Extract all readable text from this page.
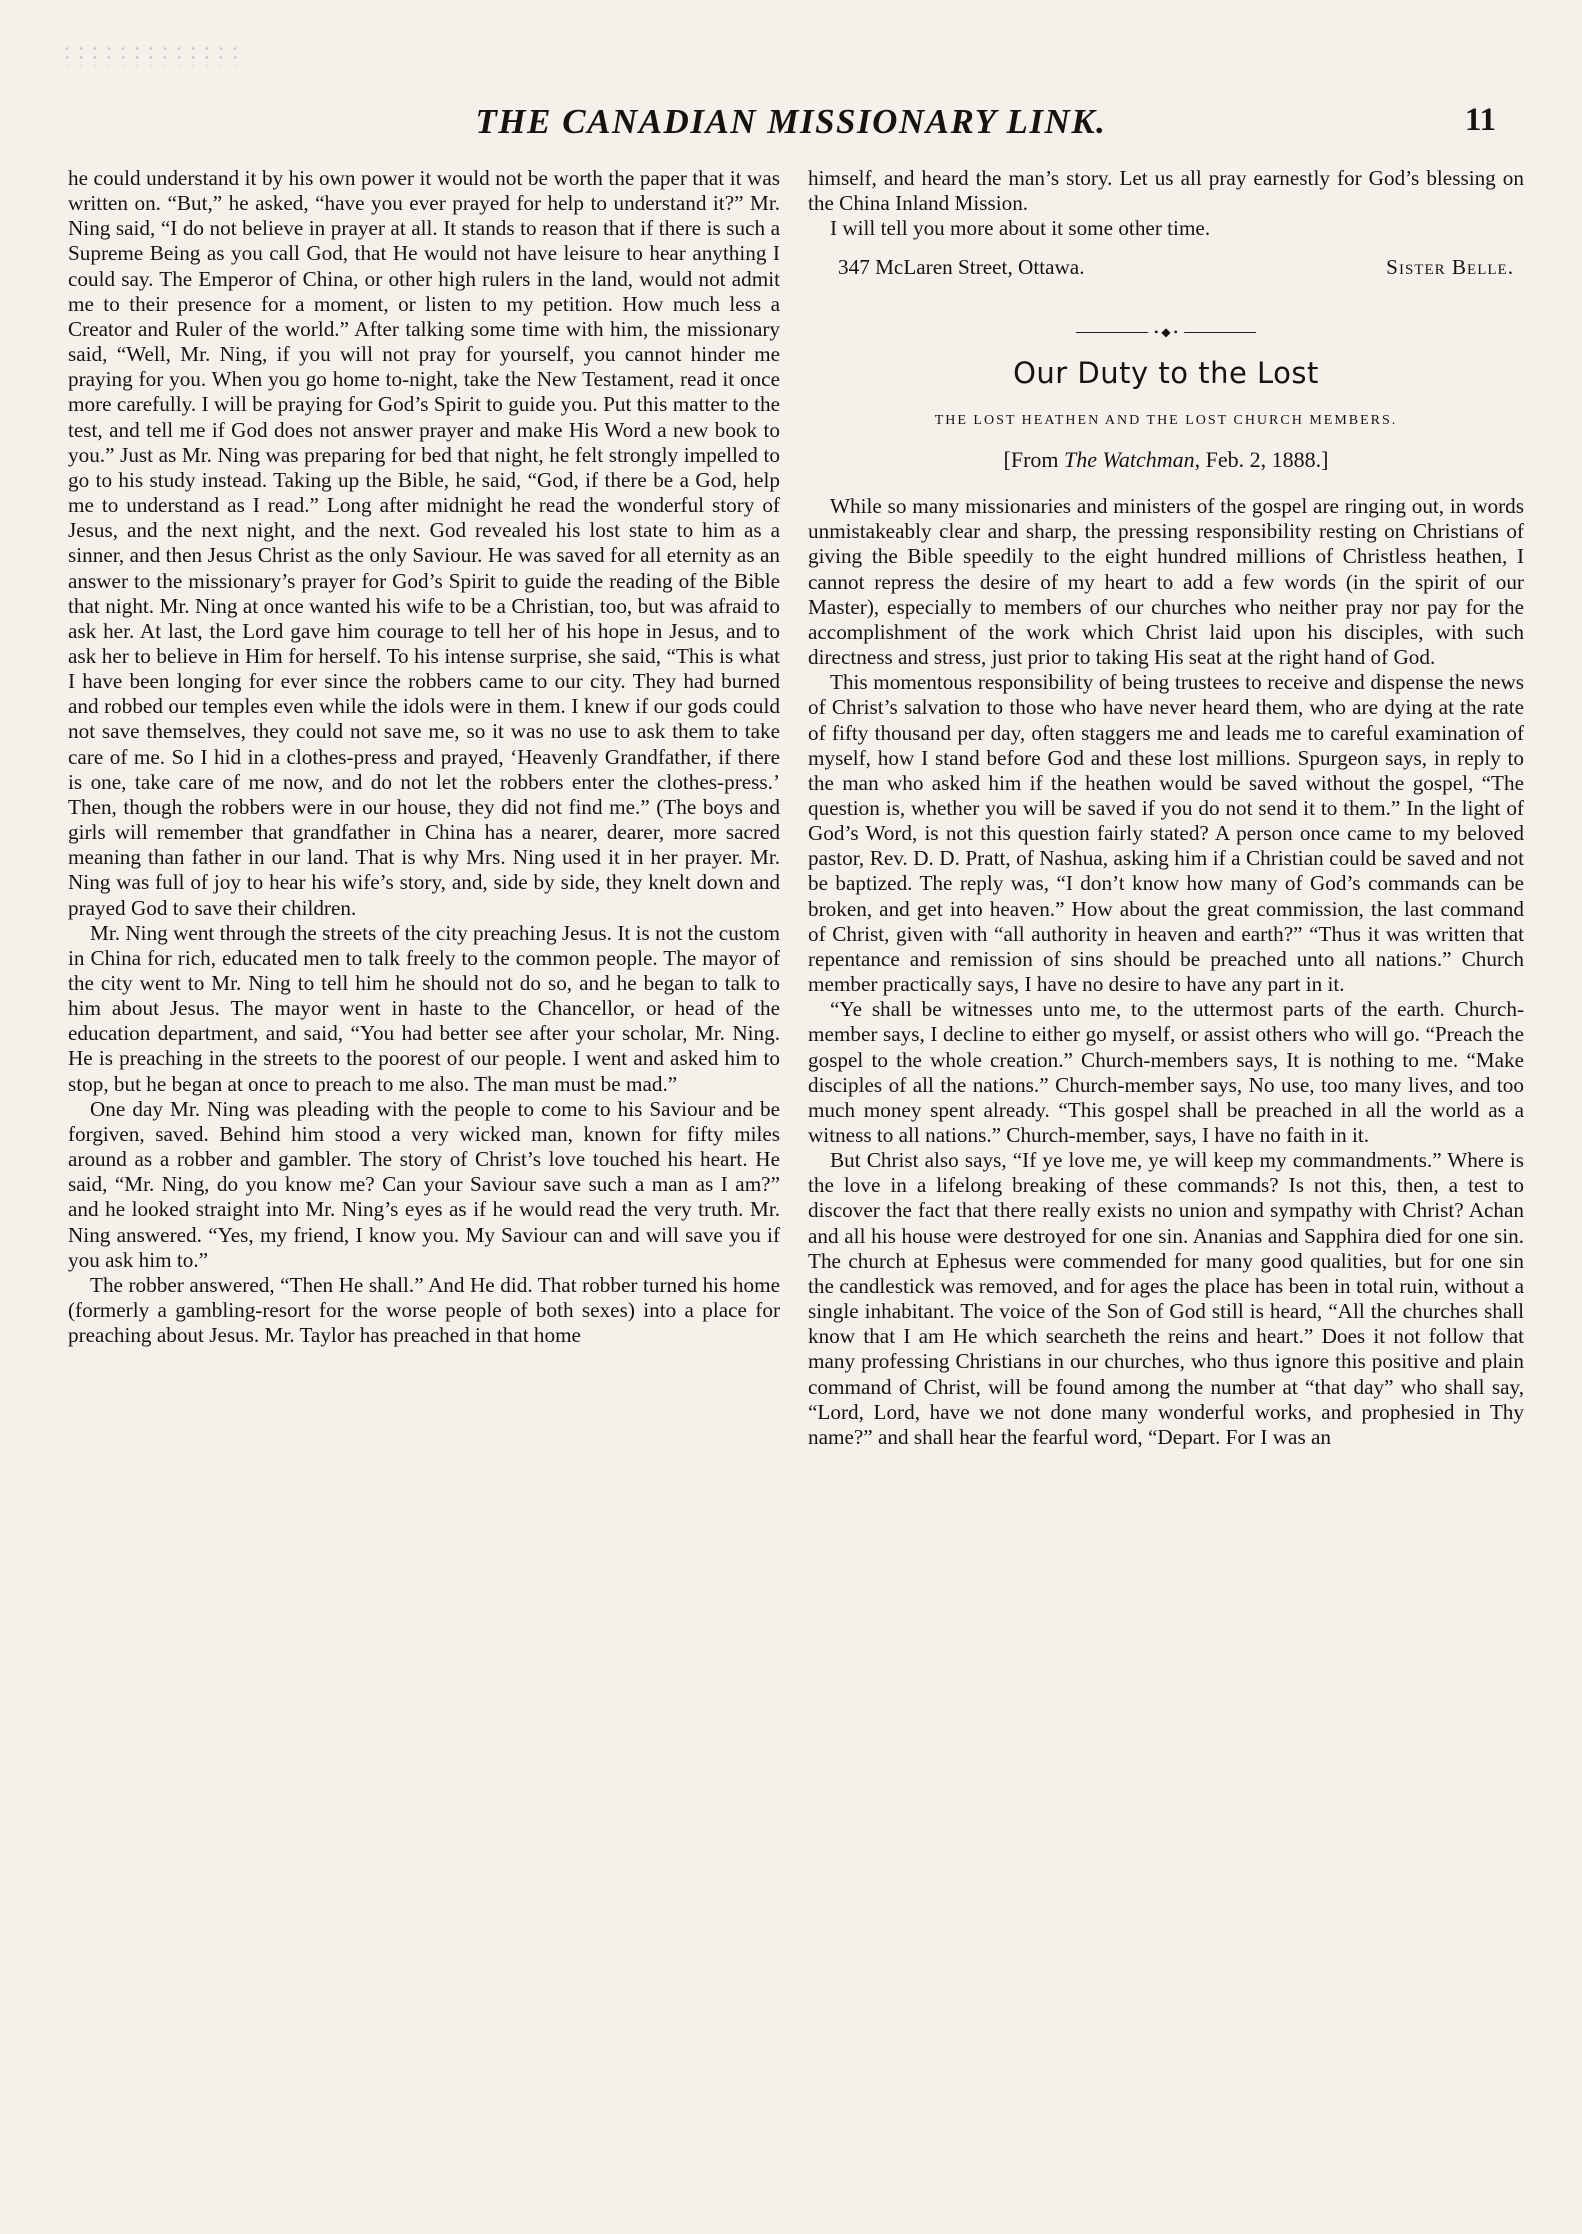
THE CANADIAN MISSIONARY LINK.	11

he could understand it by his own power it would not be worth the paper that it was written on. “But,” he asked, “have you ever prayed for help to understand it?” Mr. Ning said, “I do not believe in prayer at all. It stands to reason that if there is such a Supreme Being as you call God, that He would not have leisure to hear anything I could say. The Emperor of China, or other high rulers in the land, would not admit me to their presence for a moment, or listen to my petition. How much less a Creator and Ruler of the world.” After talking some time with him, the missionary said, “Well, Mr. Ning, if you will not pray for yourself, you cannot hinder me praying for you. When you go home to-night, take the New Testament, read it once more carefully. I will be praying for God’s Spirit to guide you. Put this matter to the test, and tell me if God does not answer prayer and make His Word a new book to you.” Just as Mr. Ning was preparing for bed that night, he felt strongly impelled to go to his study instead. Taking up the Bible, he said, “God, if there be a God, help me to understand as I read.” Long after midnight he read the wonderful story of Jesus, and the next night, and the next. God revealed his lost state to him as a sinner, and then Jesus Christ as the only Saviour. He was saved for all eternity as an answer to the missionary’s prayer for God’s Spirit to guide the reading of the Bible that night. Mr. Ning at once wanted his wife to be a Christian, too, but was afraid to ask her. At last, the Lord gave him courage to tell her of his hope in Jesus, and to ask her to believe in Him for herself. To his intense surprise, she said, “This is what I have been longing for ever since the robbers came to our city. They had burned and robbed our temples even while the idols were in them. I knew if our gods could not save themselves, they could not save me, so it was no use to ask them to take care of me. So I hid in a clothes-press and prayed, ‘Heavenly Grandfather, if there is one, take care of me now, and do not let the robbers enter the clothes-press.’ Then, though the robbers were in our house, they did not find me.” (The boys and girls will remember that grandfather in China has a nearer, dearer, more sacred meaning than father in our land. That is why Mrs. Ning used it in her prayer. Mr. Ning was full of joy to hear his wife’s story, and, side by side, they knelt down and prayed God to save their children.

Mr. Ning went through the streets of the city preaching Jesus. It is not the custom in China for rich, educated men to talk freely to the common people. The mayor of the city went to Mr. Ning to tell him he should not do so, and he began to talk to him about Jesus. The mayor went in haste to the Chancellor, or head of the education department, and said, “You had better see after your scholar, Mr. Ning. He is preaching in the streets to the poorest of our people. I went and asked him to stop, but he began at once to preach to me also. The man must be mad.”

One day Mr. Ning was pleading with the people to come to his Saviour and be forgiven, saved. Behind him stood a very wicked man, known for fifty miles around as a robber and gambler. The story of Christ’s love touched his heart. He said, “Mr. Ning, do you know me? Can your Saviour save such a man as I am?” and he looked straight into Mr. Ning’s eyes as if he would read the very truth. Mr. Ning answered. “Yes, my friend, I know you. My Saviour can and will save you if you ask him to.”

The robber answered, “Then He shall.” And He did. That robber turned his home (formerly a gambling-resort for the worse people of both sexes) into a place for preaching about Jesus. Mr. Taylor has preached in that home

himself, and heard the man’s story. Let us all pray earnestly for God’s blessing on the China Inland Mission.

I will tell you more about it some other time.

347 McLaren Street, Ottawa.	Sister Belle.
• ◆ •
Our Duty to the Lost
THE LOST HEATHEN AND THE LOST CHURCH MEMBERS.
[From The Watchman, Feb. 2, 1888.]

While so many missionaries and ministers of the gospel are ringing out, in words unmistakeably clear and sharp, the pressing responsibility resting on Christians of giving the Bible speedily to the eight hundred millions of Christless heathen, I cannot repress the desire of my heart to add a few words (in the spirit of our Master), especially to members of our churches who neither pray nor pay for the accomplishment of the work which Christ laid upon his disciples, with such directness and stress, just prior to taking His seat at the right hand of God.

This momentous responsibility of being trustees to receive and dispense the news of Christ’s salvation to those who have never heard them, who are dying at the rate of fifty thousand per day, often staggers me and leads me to careful examination of myself, how I stand before God and these lost millions. Spurgeon says, in reply to the man who asked him if the heathen would be saved without the gospel, “The question is, whether you will be saved if you do not send it to them.” In the light of God’s Word, is not this question fairly stated? A person once came to my beloved pastor, Rev. D. D. Pratt, of Nashua, asking him if a Christian could be saved and not be baptized. The reply was, “I don’t know how many of God’s commands can be broken, and get into heaven.” How about the great commission, the last command of Christ, given with “all authority in heaven and earth?” “Thus it was written that repentance and remission of sins should be preached unto all nations.” Church member practically says, I have no desire to have any part in it.

“Ye shall be witnesses unto me, to the uttermost parts of the earth. Church-member says, I decline to either go myself, or assist others who will go. “Preach the gospel to the whole creation.” Church-members says, It is nothing to me. “Make disciples of all the nations.” Church-member says, No use, too many lives, and too much money spent already. “This gospel shall be preached in all the world as a witness to all nations.” Church-member, says, I have no faith in it.

But Christ also says, “If ye love me, ye will keep my commandments.” Where is the love in a lifelong breaking of these commands? Is not this, then, a test to discover the fact that there really exists no union and sympathy with Christ? Achan and all his house were destroyed for one sin. Ananias and Sapphira died for one sin. The church at Ephesus were commended for many good qualities, but for one sin the candlestick was removed, and for ages the place has been in total ruin, without a single inhabitant. The voice of the Son of God still is heard, “All the churches shall know that I am He which searcheth the reins and heart.” Does it not follow that many professing Christians in our churches, who thus ignore this positive and plain command of Christ, will be found among the number at “that day” who shall say, “Lord, Lord, have we not done many wonderful works, and prophesied in Thy name?” and shall hear the fearful word, “Depart. For I was an
